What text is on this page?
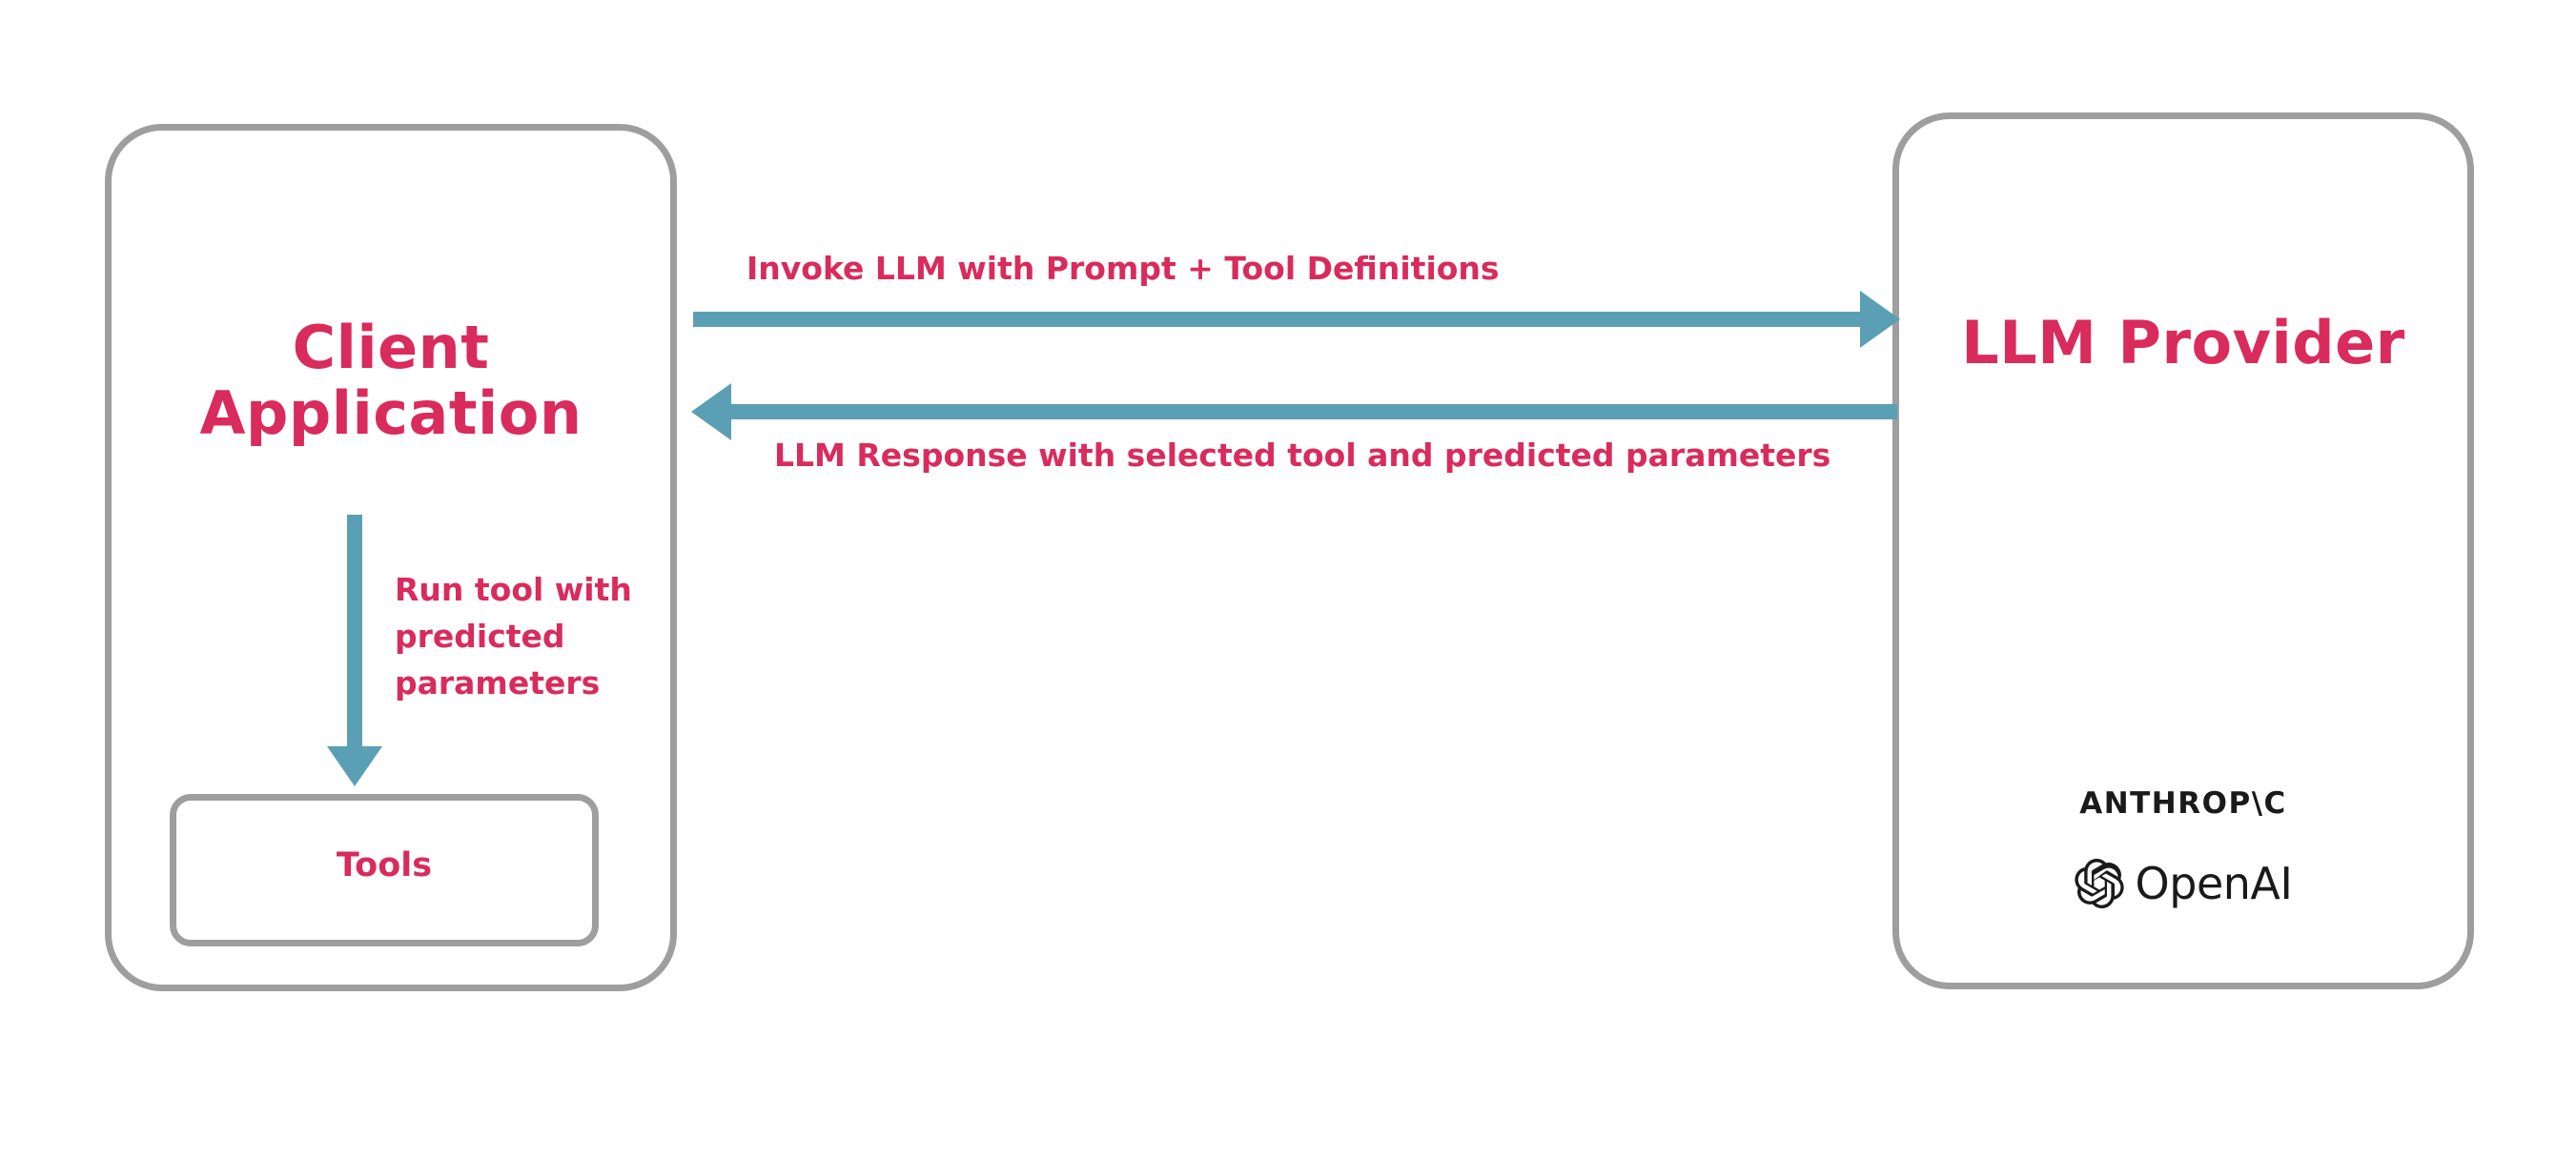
Client Application
Tools
LLM Provider
Invoke LLM with Prompt + Tool Definitions
LLM Response with selected tool and predicted parameters
Run tool with predicted parameters
ANTHROP\C
OpenAI
